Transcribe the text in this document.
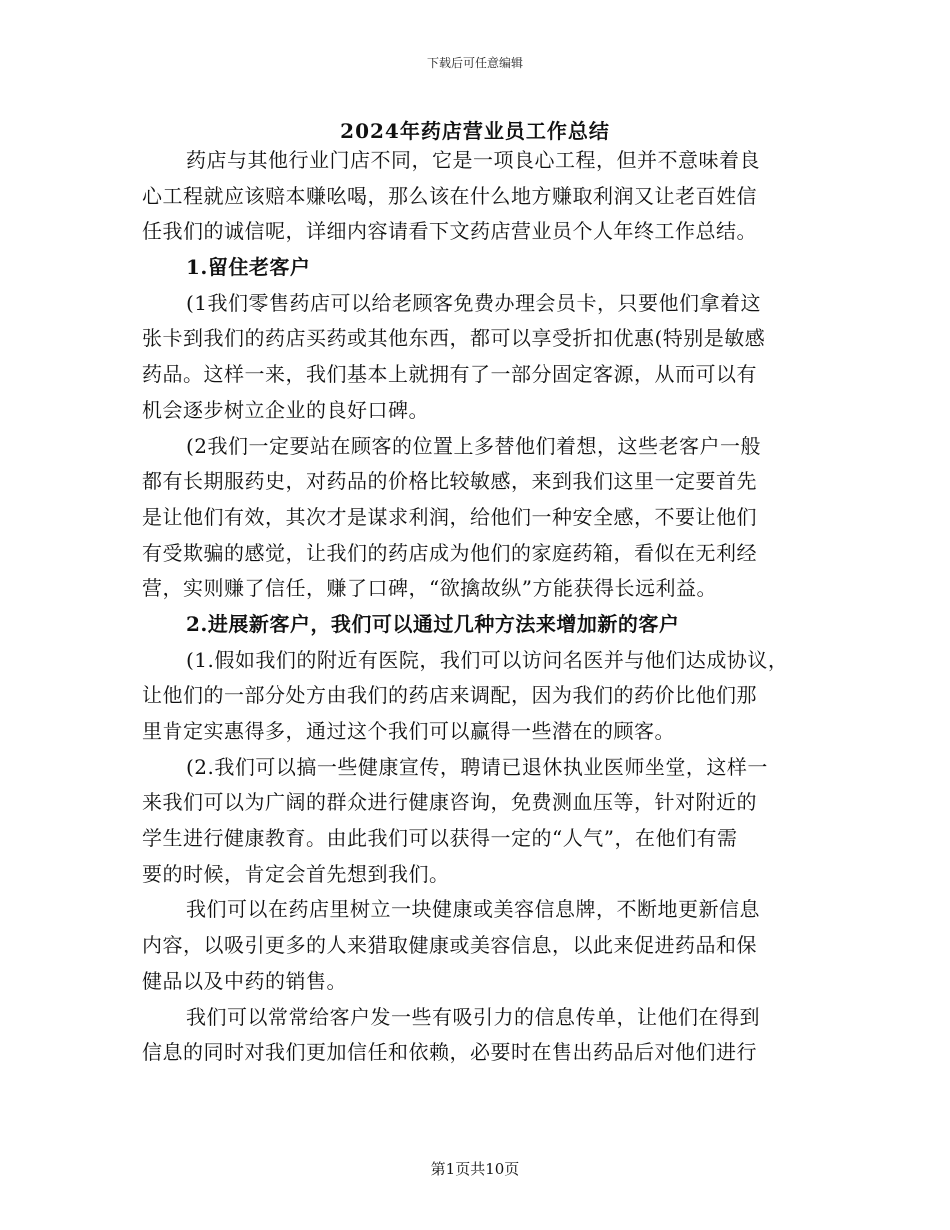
下载后可任意编辑
2024年药店营业员工作总结
药店与其他行业门店不同，它是一项良心工程，但并不意味着良
心工程就应该赔本赚吆喝，那么该在什么地方赚取利润又让老百姓信
任我们的诚信呢，详细内容请看下文药店营业员个人年终工作总结。
1.留住老客户
(1我们零售药店可以给老顾客免费办理会员卡，只要他们拿着这
张卡到我们的药店买药或其他东西，都可以享受折扣优惠(特别是敏感
药品。这样一来，我们基本上就拥有了一部分固定客源，从而可以有
机会逐步树立企业的良好口碑。
(2我们一定要站在顾客的位置上多替他们着想，这些老客户一般
都有长期服药史，对药品的价格比较敏感，来到我们这里一定要首先
是让他们有效，其次才是谋求利润，给他们一种安全感，不要让他们
有受欺骗的感觉，让我们的药店成为他们的家庭药箱，看似在无利经
营，实则赚了信任，赚了口碑，“欲擒故纵”方能获得长远利益。
2.进展新客户，我们可以通过几种方法来增加新的客户
(1.假如我们的附近有医院，我们可以访问名医并与他们达成协议，
让他们的一部分处方由我们的药店来调配，因为我们的药价比他们那
里肯定实惠得多，通过这个我们可以赢得一些潜在的顾客。
(2.我们可以搞一些健康宣传，聘请已退休执业医师坐堂，这样一
来我们可以为广阔的群众进行健康咨询，免费测血压等，针对附近的
学生进行健康教育。由此我们可以获得一定的“人气”，在他们有需
要的时候，肯定会首先想到我们。
我们可以在药店里树立一块健康或美容信息牌，不断地更新信息
内容，以吸引更多的人来猎取健康或美容信息，以此来促进药品和保
健品以及中药的销售。
我们可以常常给客户发一些有吸引力的信息传单，让他们在得到
信息的同时对我们更加信任和依赖，必要时在售出药品后对他们进行
第1页共10页
